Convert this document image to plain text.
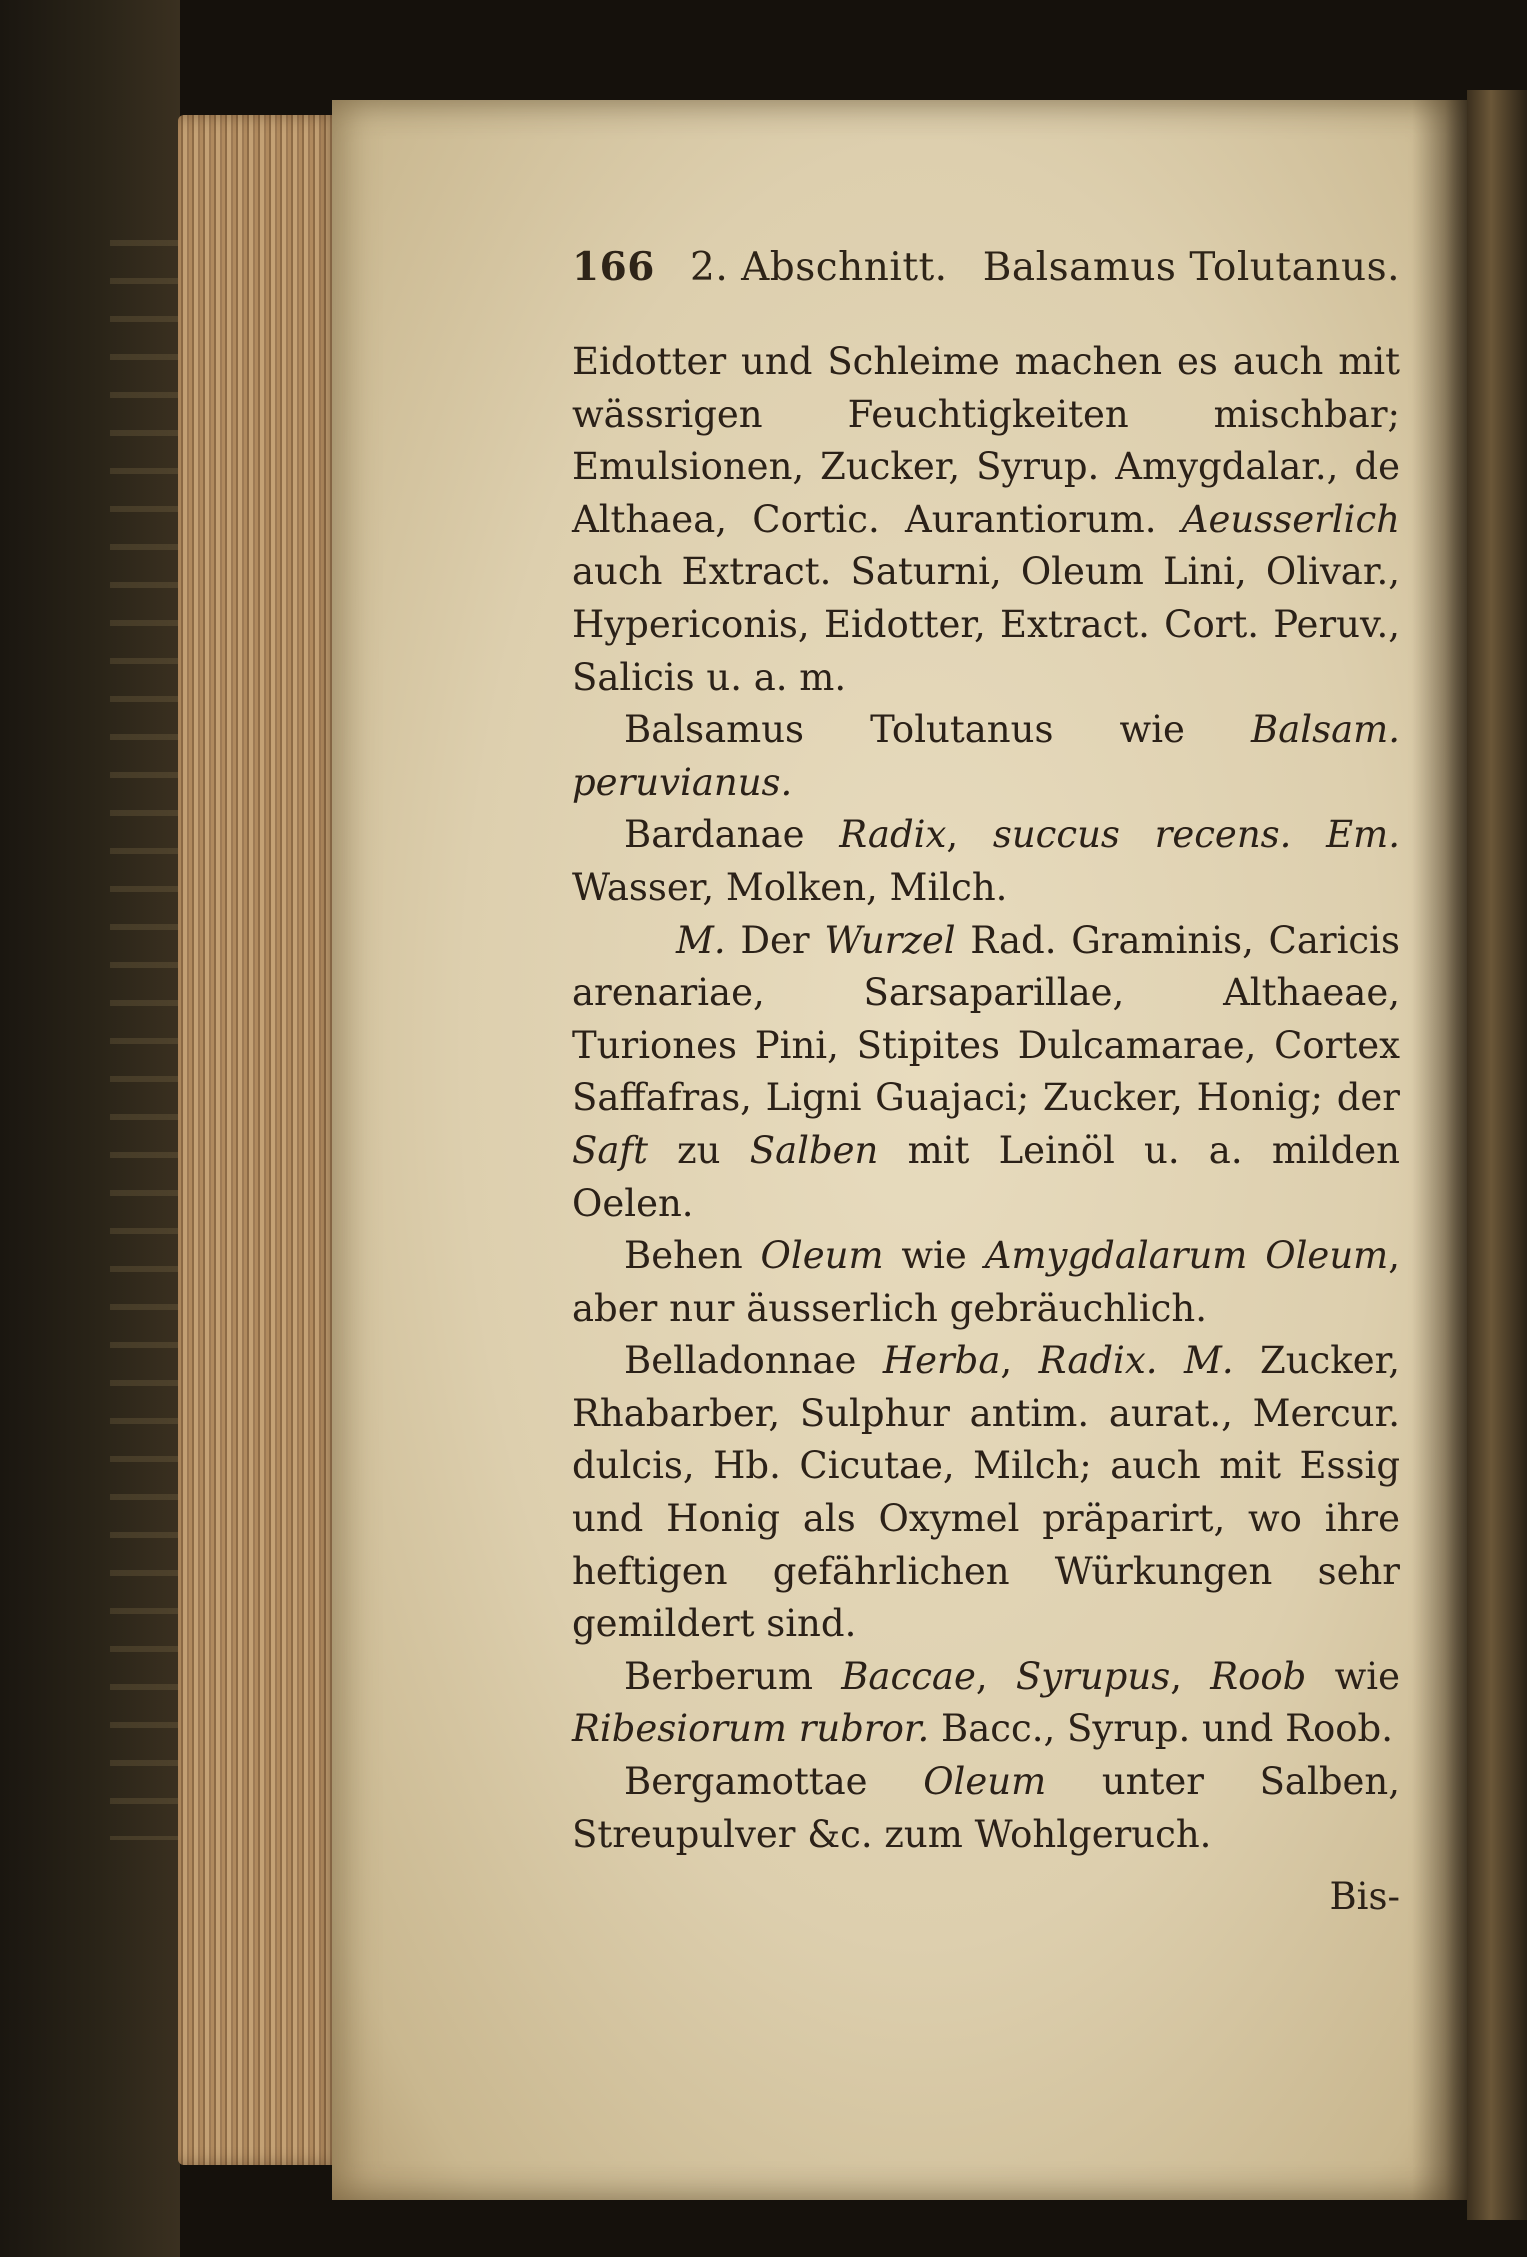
166 2. Abschnitt. Balsamus Tolutanus.

Eidotter und Schleime machen es auch mit wässrigen Feuchtigkeiten mischbar; Emulsionen, Zucker, Syrup. Amygdalar., de Althaea, Cortic. Aurantiorum. Aeusserlich auch Extract. Saturni, Oleum Lini, Olivar., Hypericonis, Eidotter, Extract. Cort. Peruv., Salicis u. a. m.

Balsamus Tolutanus wie Balsam. peruvianus.

Bardanae Radix, succus recens. Em. Wasser, Molken, Milch.

M. Der Wurzel Rad. Graminis, Caricis arenariae, Sarsaparillae, Althaeae, Turiones Pini, Stipites Dulcamarae, Cortex Saffafras, Ligni Guajaci; Zucker, Honig; der Saft zu Salben mit Leinöl u. a. milden Oelen.

Behen Oleum wie Amygdalarum Oleum, aber nur äusserlich gebräuchlich.

Belladonnae Herba, Radix. M. Zucker, Rhabarber, Sulphur antim. aurat., Mercur. dulcis, Hb. Cicutae, Milch; auch mit Essig und Honig als Oxymel präparirt, wo ihre heftigen gefährlichen Würkungen sehr gemildert sind.

Berberum Baccae, Syrupus, Roob wie Ribesiorum rubror. Bacc., Syrup. und Roob.

Bergamottae Oleum unter Salben, Streupulver &c. zum Wohlgeruch.

Bis-
